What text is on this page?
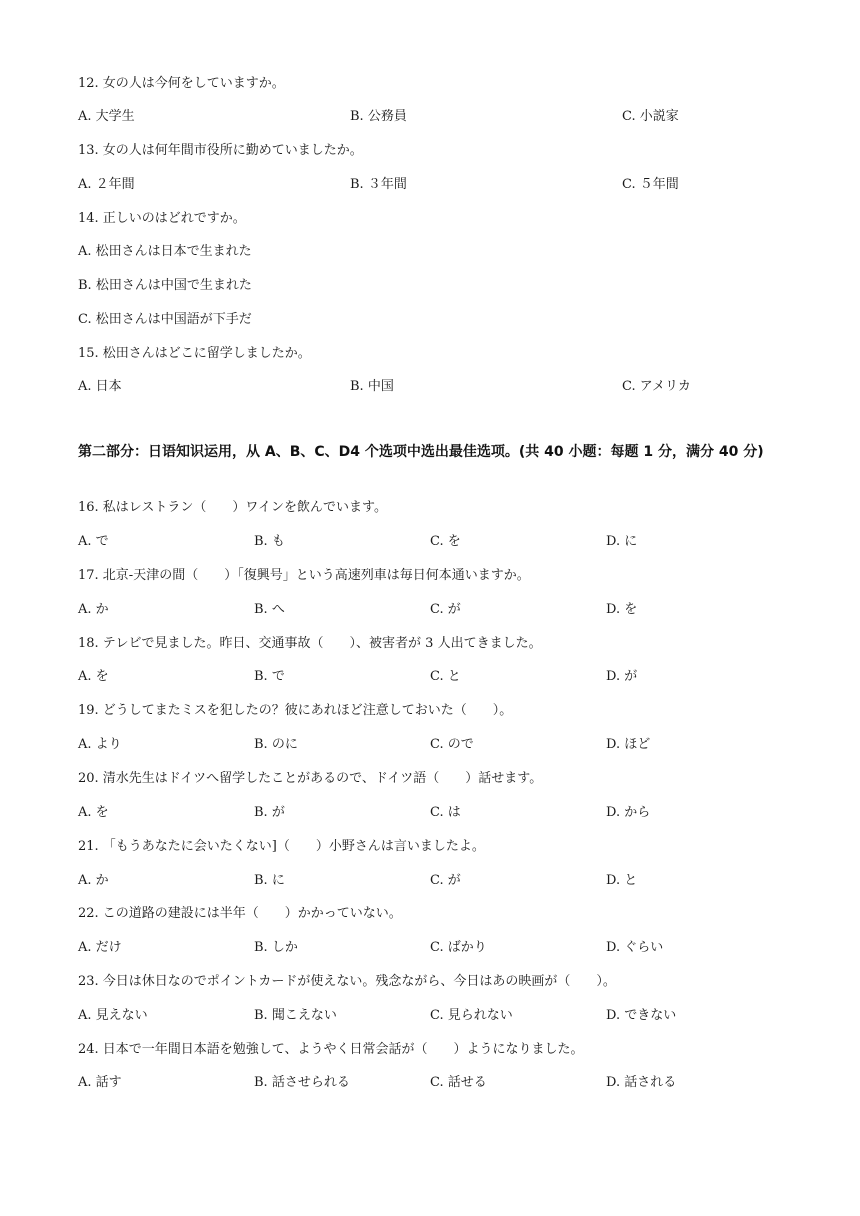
12. 女の人は今何をしていますか。
A. 大学生	B. 公務員	C. 小説家
13. 女の人は何年間市役所に勤めていましたか。
A. ２年間	B. ３年間	C. ５年間
14. 正しいのはどれですか。
A. 松田さんは日本で生まれた
B. 松田さんは中国で生まれた
C. 松田さんは中国語が下手だ
15. 松田さんはどこに留学しましたか。
A. 日本	B. 中国	C. アメリカ
第二部分：日语知识运用，从 A、B、C、D4 个选项中选出最佳选项。(共 40 小题：每题 1 分，满分 40 分)
16. 私はレストラン（　　）ワインを飲んでいます。
A. で	B. も	C. を	D. に
17. 北京-天津の間（　　）「復興号」という高速列車は毎日何本通いますか。
A. か	B. へ	C. が	D. を
18. テレビで見ました。昨日、交通事故（　　）、被害者が 3 人出てきました。
A. を	B. で	C. と	D. が
19. どうしてまたミスを犯したの？彼にあれほど注意しておいた（　　）。
A. より	B. のに	C. ので	D. ほど
20. 清水先生はドイツへ留学したことがあるので、ドイツ語（　　）話せます。
A. を	B. が	C. は	D. から
21. 「もうあなたに会いたくない]（　　）小野さんは言いましたよ。
A. か	B. に	C. が	D. と
22. この道路の建設には半年（　　）かかっていない。
A. だけ	B. しか	C. ばかり	D. ぐらい
23. 今日は休日なのでポイントカードが使えない。残念ながら、今日はあの映画が（　　）。
A. 見えない	B. 聞こえない	C. 見られない	D. できない
24. 日本で一年間日本語を勉強して、ようやく日常会話が（　　）ようになりました。
A. 話す	B. 話させられる	C. 話せる	D. 話される
